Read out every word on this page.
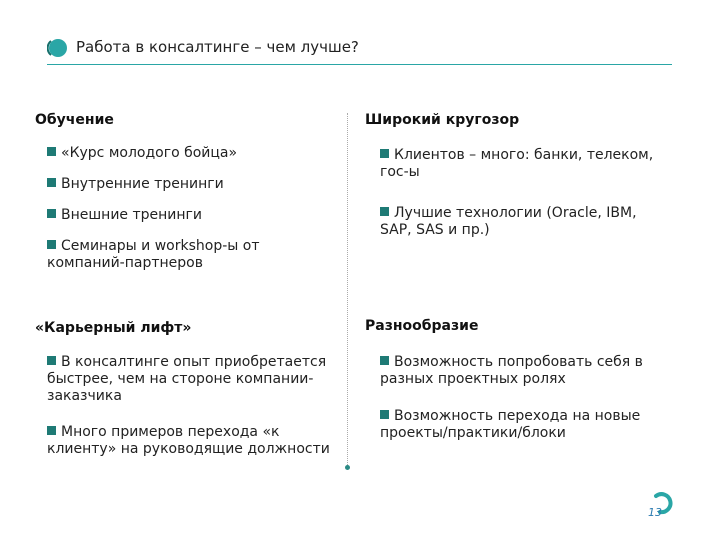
Работа в консалтинге – чем лучше?
Обучение
«Курс молодого бойца»
Внутренние тренинги
Внешние тренинги
Семинары и workshop-ы от компаний-партнеров
«Карьерный лифт»
В консалтинге опыт приобретается быстрее, чем на стороне компании-заказчика
Много примеров перехода «к клиенту» на руководящие должности
Широкий кругозор
Клиентов – много: банки, телеком, гос-ы
Лучшие технологии (Oracle, IBM, SAP, SAS и пр.)
Разнообразие
Возможность попробовать себя в разных проектных ролях
Возможность перехода на новые проекты/практики/блоки
13
